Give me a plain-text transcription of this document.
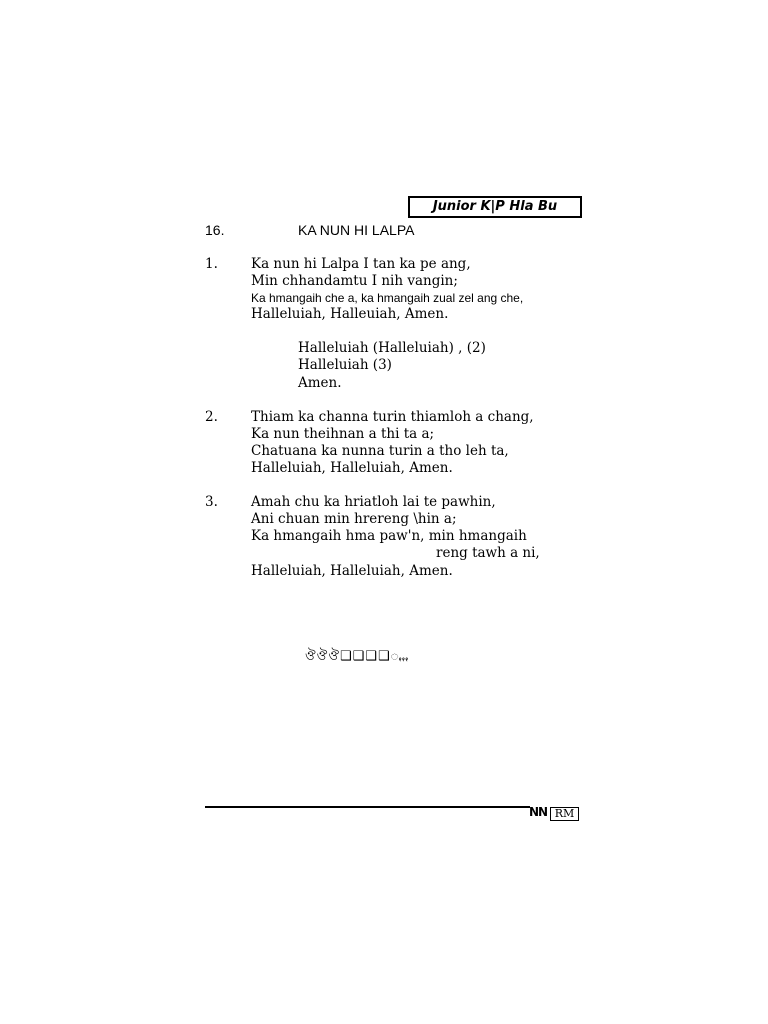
Junior K|P Hla Bu
16.	KA NUN HI LALPA
1. Ka nun hi Lalpa I tan ka pe ang,
Min chhandamtu I nih vangin;
Ka hmangaih che a, ka hmangaih zual zel ang che,
Halleluiah, Halleuiah, Amen.
Halleluiah (Halleluiah) , (2)
Halleluiah (3)
Amen.
2. Thiam ka channa turin thiamloh a chang,
Ka nun theihnan a thi ta a;
Chatuana ka nunna turin a tho leh ta,
Halleluiah, Halleluiah, Amen.
3. Amah chu ka hriatloh lai te pawhin,
Ani chuan min hrereng \hin a;
Ka hmangaih hma paw'n, min hmangaih
reng tawh a ni,
Halleluiah, Halleluiah, Amen.
ঔঔঔ❑❑❑❑ꩻꩻꩻ
NN RM
